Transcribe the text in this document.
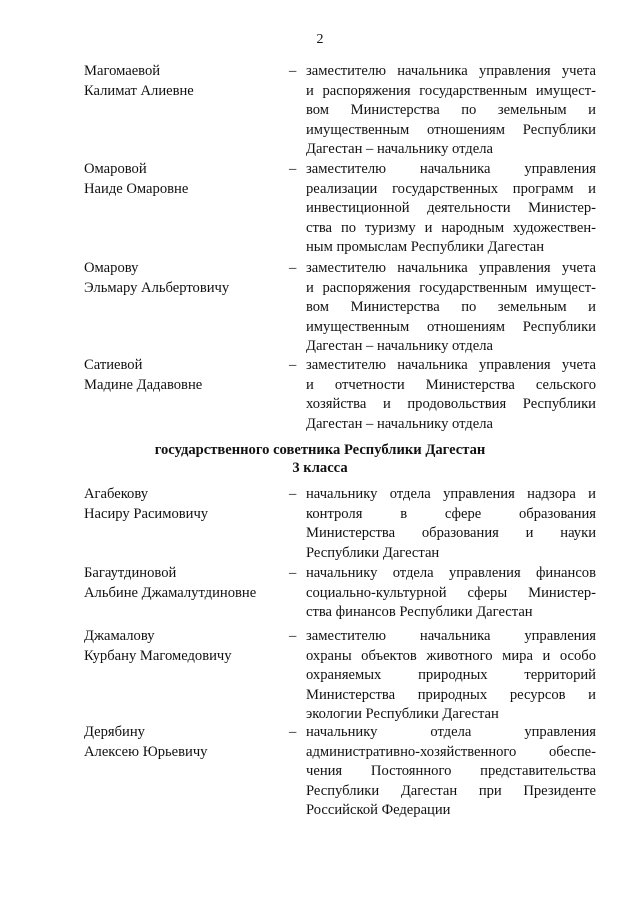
2
Магомаевой
Калимат Алиевне
– заместителю начальника управления учета
и распоряжения государственным имущест-
вом Министерства по земельным и
имущественным отношениям Республики
Дагестан – начальнику отдела
Омаровой
Наиде Омаровне
– заместителю начальника управления
реализации государственных программ и
инвестиционной деятельности Министер-
ства по туризму и народным художествен-
ным промыслам Республики Дагестан
Омарову
Эльмару Альбертовичу
– заместителю начальника управления учета
и распоряжения государственным имущест-
вом Министерства по земельным и
имущественным отношениям Республики
Дагестан – начальнику отдела
Сатиевой
Мадине Дадавовне
– заместителю начальника управления учета
и отчетности Министерства сельского
хозяйства и продовольствия Республики
Дагестан – начальнику отдела
государственного советника Республики Дагестан
3 класса
Агабекову
Насиру Расимовичу
– начальнику отдела управления надзора и
контроля в сфере образования
Министерства образования и науки
Республики Дагестан
Багаутдиновой
Альбине Джамалутдиновне
– начальнику отдела управления финансов
социально-культурной сферы Министер-
ства финансов Республики Дагестан
Джамалову
Курбану Магомедовичу
– заместителю начальника управления
охраны объектов животного мира и особо
охраняемых природных территорий
Министерства природных ресурсов и
экологии Республики Дагестан
Дерябину
Алексею Юрьевичу
– начальнику отдела управления
административно-хозяйственного обеспе-
чения Постоянного представительства
Республики Дагестан при Президенте
Российской Федерации
